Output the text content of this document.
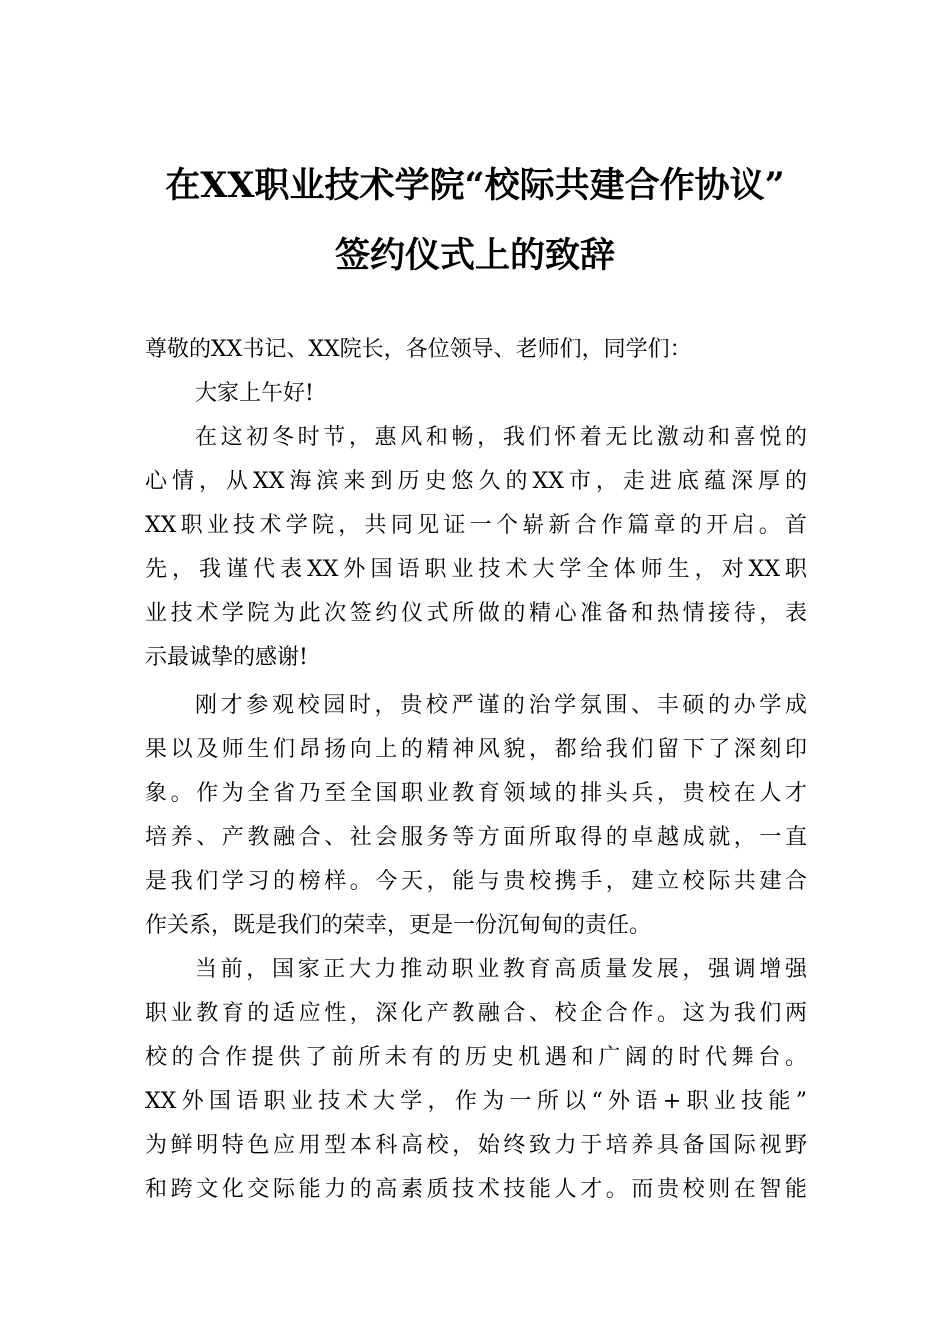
在XX职业技术学院“校际共建合作协议”
签约仪式上的致辞
尊敬的XX书记、XX院长，各位领导、老师们，同学们：
大家上午好!
在这初冬时节，惠风和畅，我们怀着无比激动和喜悦的
心情，从XX海滨来到历史悠久的XX市，走进底蕴深厚的
XX职业技术学院，共同见证一个崭新合作篇章的开启。首
先，我谨代表XX外国语职业技术大学全体师生，对XX职
业技术学院为此次签约仪式所做的精心准备和热情接待，表
示最诚挚的感谢!
刚才参观校园时，贵校严谨的治学氛围、丰硕的办学成
果以及师生们昂扬向上的精神风貌，都给我们留下了深刻印
象。作为全省乃至全国职业教育领域的排头兵，贵校在人才
培养、产教融合、社会服务等方面所取得的卓越成就，一直
是我们学习的榜样。今天，能与贵校携手，建立校际共建合
作关系，既是我们的荣幸，更是一份沉甸甸的责任。
当前，国家正大力推动职业教育高质量发展，强调增强
职业教育的适应性，深化产教融合、校企合作。这为我们两
校的合作提供了前所未有的历史机遇和广阔的时代舞台。
XX外国语职业技术大学，作为一所以“外语+职业技能”
为鲜明特色应用型本科高校，始终致力于培养具备国际视野
和跨文化交际能力的高素质技术技能人才。而贵校则在智能
